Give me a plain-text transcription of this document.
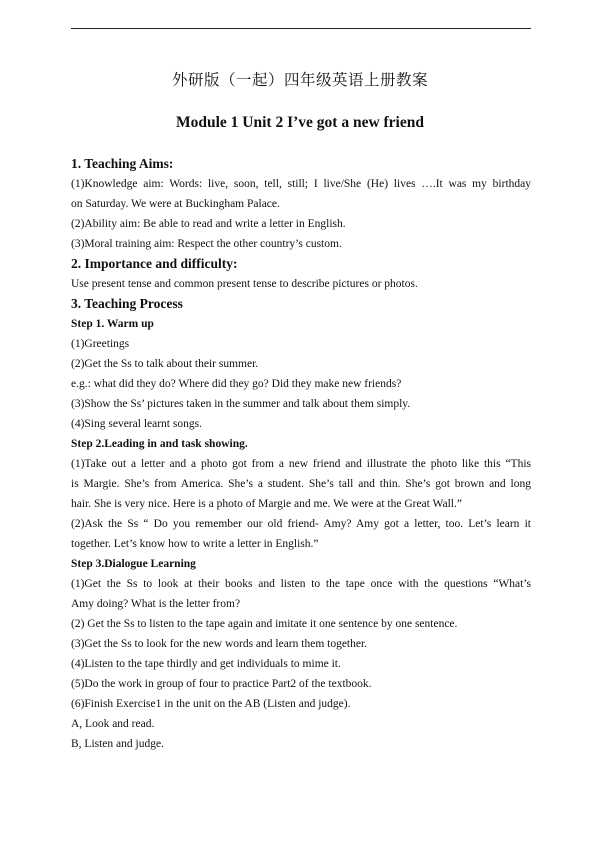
外研版（一起）四年级英语上册教案
Module 1 Unit 2 I’ve got a new friend
1. Teaching Aims:
(1)Knowledge aim: Words: live, soon, tell, still; I live/She (He) lives ….It was my birthday
on Saturday. We were at Buckingham Palace.
(2)Ability aim: Be able to read and write a letter in English.
(3)Moral training aim: Respect the other country’s custom.
2. Importance and difficulty:
Use present tense and common present tense to describe pictures or photos.
3. Teaching Process
Step 1. Warm up
(1)Greetings
(2)Get the Ss to talk about their summer.
e.g.: what did they do? Where did they go? Did they make new friends?
(3)Show the Ss’ pictures taken in the summer and talk about them simply.
(4)Sing several learnt songs.
Step 2.Leading in and task showing.
(1)Take out a letter and a photo got from a new friend and illustrate the photo like this “This
is Margie. She’s from America. She’s a student. She’s tall and thin. She’s got brown and long
hair. She is very nice. Here is a photo of Margie and me. We were at the Great Wall.”
(2)Ask the Ss “ Do you remember our old friend- Amy? Amy got a letter, too. Let’s learn it
together. Let’s know how to write a letter in English.”
Step 3.Dialogue Learning
(1)Get the Ss to look at their books and listen to the tape once with the questions “What’s
Amy doing? What is the letter from?
(2) Get the Ss to listen to the tape again and imitate it one sentence by one sentence.
(3)Get the Ss to look for the new words and learn them together.
(4)Listen to the tape thirdly and get individuals to mime it.
(5)Do the work in group of four to practice Part2 of the textbook.
(6)Finish Exercise1 in the unit on the AB (Listen and judge).
A, Look and read.
B, Listen and judge.
